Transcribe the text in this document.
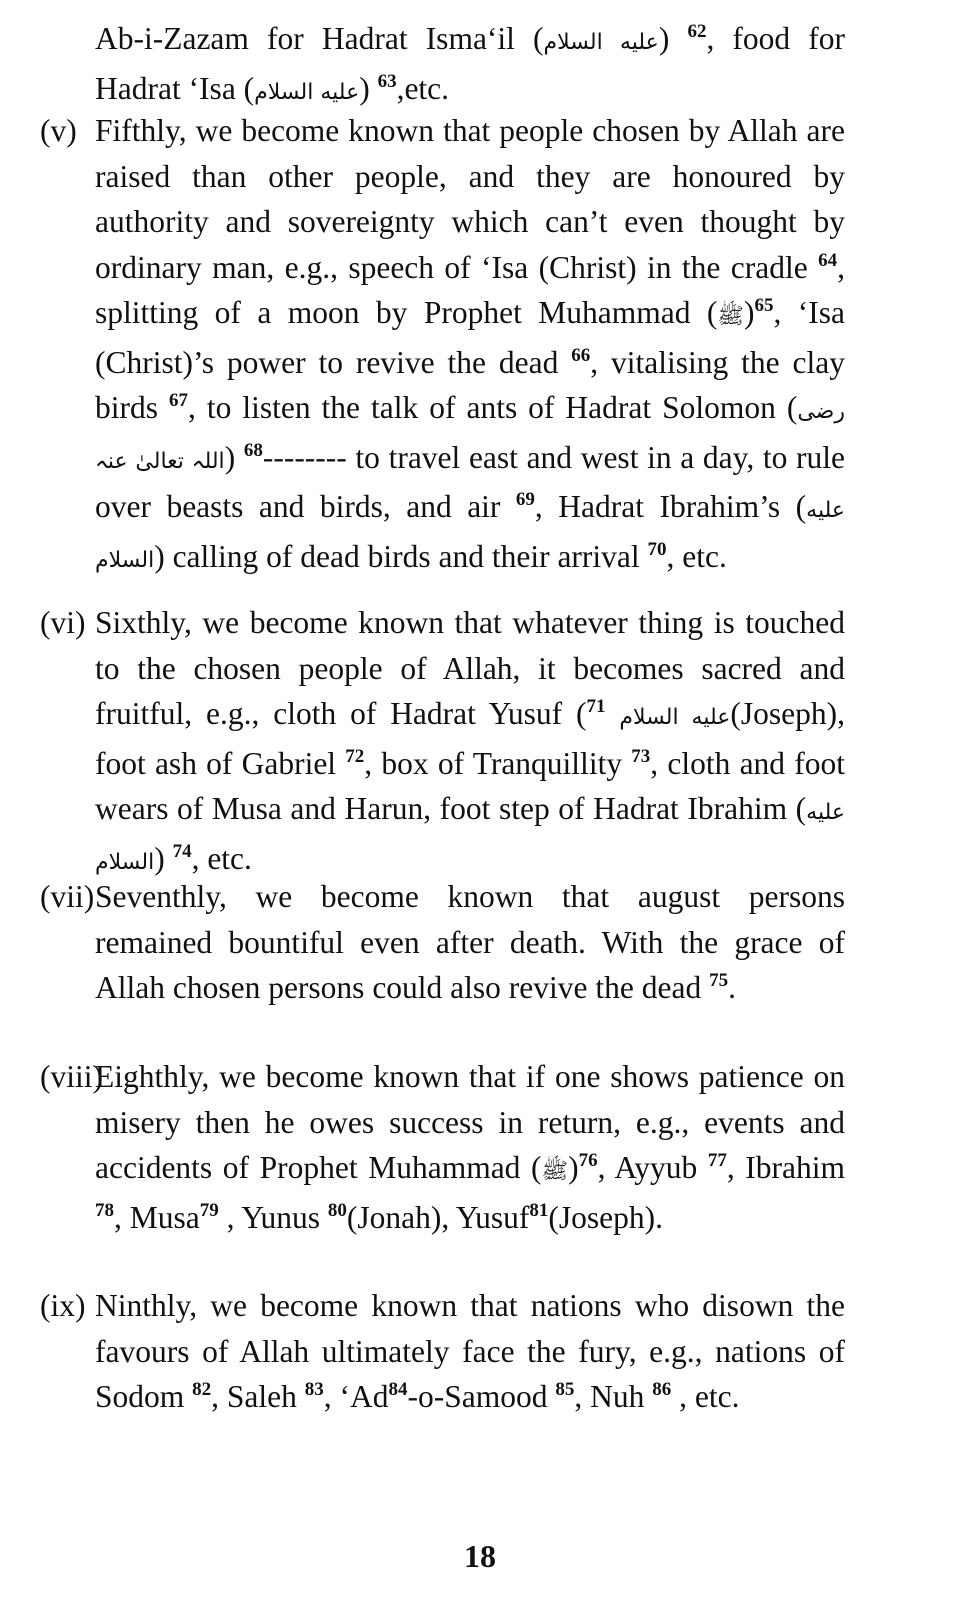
Ab-i-Zazam for Hadrat Isma‘il (عليه السلام) $^{62}$, food for Hadrat ‘Isa (عليه السلام) $^{63}$,etc.
(v) Fifthly, we become known that people chosen by Allah are raised than other people, and they are honoured by authority and sovereignty which can’t even thought by ordinary man, e.g., speech of ‘Isa (Christ) in the cradle $^{64}$, splitting of a moon by Prophet Muhammad (ﷺ)$^{65}$, ‘Isa (Christ)’s power to revive the dead $^{66}$, vitalising the clay birds $^{67}$, to listen the talk of ants of Hadrat Solomon (رضی اللہ تعالیٰ عنہ) $^{68}$-------- to travel east and west in a day, to rule over beasts and birds, and air $^{69}$, Hadrat Ibrahim’s (عليه السلام) calling of dead birds and their arrival $^{70}$, etc.
(vi) Sixthly, we become known that whatever thing is touched to the chosen people of Allah, it becomes sacred and fruitful, e.g., cloth of Hadrat Yusuf ( عليه السلام $^{71}$	(Joseph), foot ash of Gabriel $^{72}$, box of Tranquillity $^{73}$, cloth and foot wears of Musa and Harun, foot step of Hadrat Ibrahim (عليه السلام) $^{74}$, etc.
(vii) Seventhly, we become known that august persons remained bountiful even after death. With the grace of Allah chosen persons could also revive the dead $^{75}$.
(viii)
Eighthly, we become known that if one shows patience on misery then he owes success in return, e.g., events and accidents of Prophet Muhammad (ﷺ)$^{76}$, Ayyub $^{77}$, Ibrahim $^{78}$, Musa$^{79}$ , Yunus $^{80}$(Jonah), Yusuf$^{81}$(Joseph).
(ix) Ninthly, we become known that nations who disown the favours of Allah ultimately face the fury, e.g., nations of Sodom $^{82}$, Saleh $^{83}$, ‘Ad$^{84}$-o-Samood $^{85}$, Nuh $^{86}$ , etc.
18
